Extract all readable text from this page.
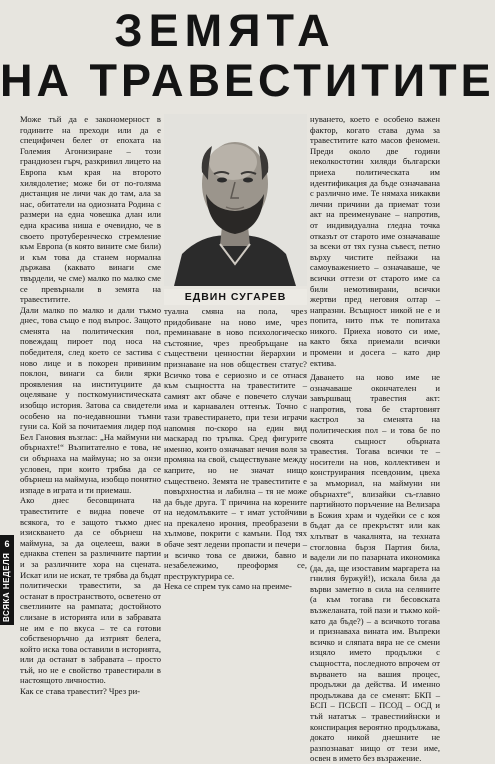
ЗЕМЯТА
НА ТРАВЕСТИТИТЕ
Може тъй да е закономерност в годините на преходи или да е специфичен белег от епохата на Големия Агонизиране – този грандиозен гърч, разкривил лицето на Европа към края на второто хилядолетие; може би от по-голяма дистанция не личи чак до там, ала за нас, обитатели на одиозната Родина с размери на една човешка длан или една красива ниша е очевидно, че в своето протуберенческо стремление към Европа (в която вините сме били) и към това да станем нормална държава (каквато винаги сме твърдели, че сме) малко по малко сме се превърнали в земята на травеститите.
Дали малко по малко и дали тъкмо днес, това също е под въпрос. Защото сменята на политическия пол, повеждащ пироет под носа на победителя, след което се застива с ново лице и в покорен привиним поклон, винаги са били ярки проявления на институциите да оцеляване у посткомунистическата изобщо история. Затова са свидетели особено на по-недавношни тъмни гуни са. Кой за почитаемия лидер под Бел Гановия възглас: „На маймуни ни обърнахте!“ Възпитателно е това, не си обърнаха на маймуна; но за онзи условен, при които трябва да се обърнеш на маймуна, изобщо понятно изпаде в играта и ти приемаш.
Ако днес бесовщината на травеститите е видна повече от всякога, то е защото тъкмо днес изискването да се обърнеш на маймуна, за да оцелееш, важи в еднаква степен за различните партии и за различните хора на сцената. Искат или не искат, те трябва да бъдат политически травестити, за да останат в пространството, осветено от светлините на рампата; достойното слизане в историята или в забравата не им е по вкуса – те са готови собственоръчно да изтрият белега, който иска това оставили в историята, или да останат в забравата – просто тъй, но не е свойство травестирали в настоящото личностно.
Как се става травестит? Чрез ри-
ЕДВИН СУГАРЕВ
туална смяна на пола, чрез придобиване на ново име, чрез преминаване в ново психологическо състояние, чрез преобръщане на съществени ценностни йерархии и признаване на нов обществен статус? Всичко това е сериозно и се отнася към същността на травеститите – самият акт обаче е повечето случаи има и карнавален оттенък. Точно с тази травестирането, при тези играчи напомня по-скоро на един вид маскарад по тръпка. Сред фигурите именно, които означават нечия воля за промяна на свой, съществуване между каприте, но не значат нищо съществено. Земята не травеститите е повърхностна и лабилна – тя не може да бъде друга. Т причина на корените на недомлъвките – т имат устойчиви на прекалено ирония, преобразени в хълмове, покрити с камъни. Под тях обаче зеят ледени пропасти и печери – и всичко това се движи, бавно и незабележимо, преоформя се, преструктурира се.
Нека се спрем тук само на преиме-
нуването, което е особено важен фактор, когато става дума за травеститите като масов феномен. Преди около две години неколкостотин хиляди български приеха политическата им идентификация да бъде означавана с различно име. Те нямаха никакви лични причини да приемат този акт на преименуване – напротив, от индивидуална гледна точка отказът от старото име означаваше за всеки от тях гузна съвест, петно върху чистите пейзажи на самоуважението – означаваше, че всички оттези от старото име са били немотивирани, всички жертви пред неговия олтар – напразни. Всъщност никой не е и попита, нито пък те попитаха никого. Приеха новото си име, както бяха приемали всички промени и досега – като дир ектива.
Даването на ново име не означаваше окончателен и завършващ травестия акт: напротив, това бе стартовият кастрол за сменята на политическия пол – и това бе по своята същност обърната травестия. Тогава всички те – носители на нов, коллективен и конструирания псевдоним, цвеха за мъмориал, на маймуни ни обърнахте“, влизайки съ-главно партийното поръчение на Велизара в Божия храм и чудейки се с коя бъдат да се прекръстят или как хлътват в чакалнята, на техната стогловна бързя Партия била, вадели ли по пазарната икономика (да, да, ще изоставим маргарета на гнилия буржуй!), искала била да върви заметно в сила на селяните (а към тогава ги бесовската възжеланата, той пази и тъкмо кой-като да бъде?) – а всичкото тогава и признаваха вината им. Въпреки всичко и сляпата вяра не се смени изцяло името продължи с същността, последното впрочем от върването на вашия процес, продължи да действа. И именно продължава да се сменят: БКП – БСП – ПСБСП – ПСОД – ОСД и тъй нататък – травестиийнски и конспирация вероятно продължава, докато никой днешните не разпознават нищо от тези име, освен в името без възражение.
6
ВСЯКА НЕДЕЛЯ
